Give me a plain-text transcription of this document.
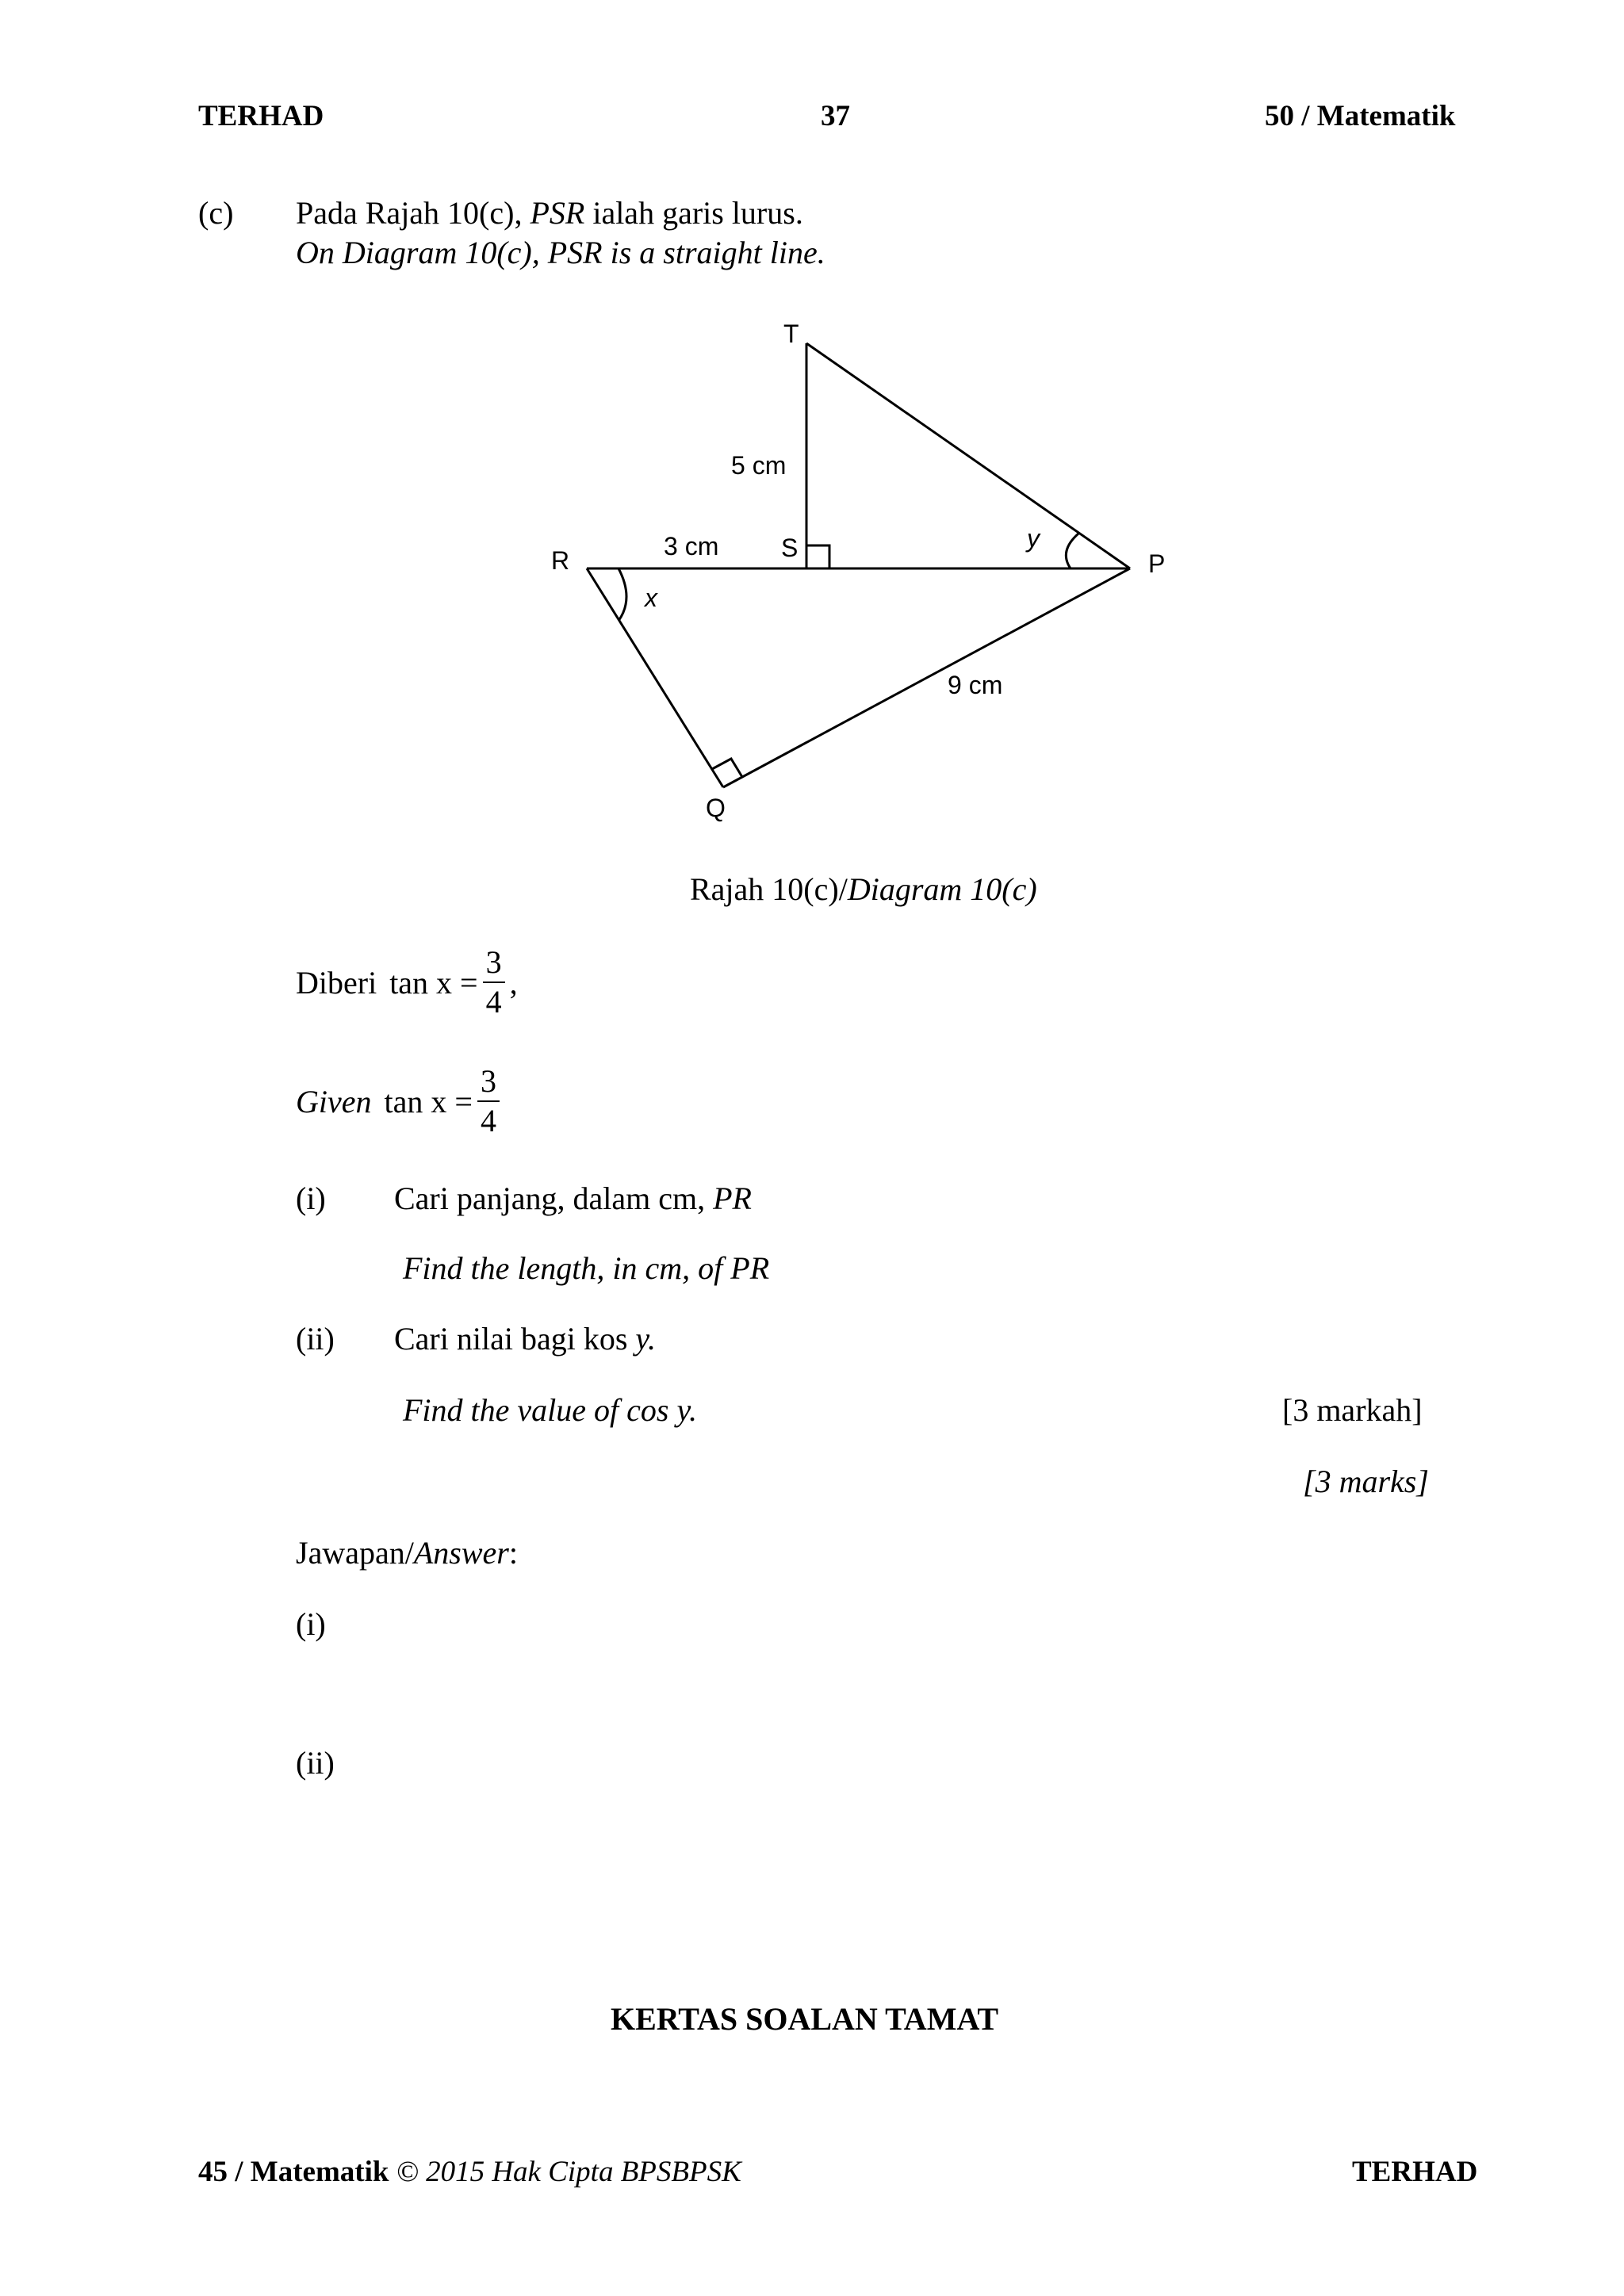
TERHAD	37	50 / Matematik
(c) Pada Rajah 10(c), PSR ialah garis lurus.
On Diagram 10(c), PSR is a straight line.
T
S
R	P
Q
x
y
5 cm
3 cm
9 cm
Rajah 10(c)/Diagram 10(c)
Diberi $\tan x = \frac{3}{4}$ ,
Given $\tan x = \frac{3}{4}$
(i) Cari panjang, dalam cm, PR
Find the length, in cm, of PR
(ii) Cari nilai bagi kos y.
Find the value of cos y.	[3 markah]
[3 marks]
Jawapan/Answer:
(i)
(ii)
KERTAS SOALAN TAMAT
45 / Matematik © 2015 Hak Cipta BPSBPSK	TERHAD
